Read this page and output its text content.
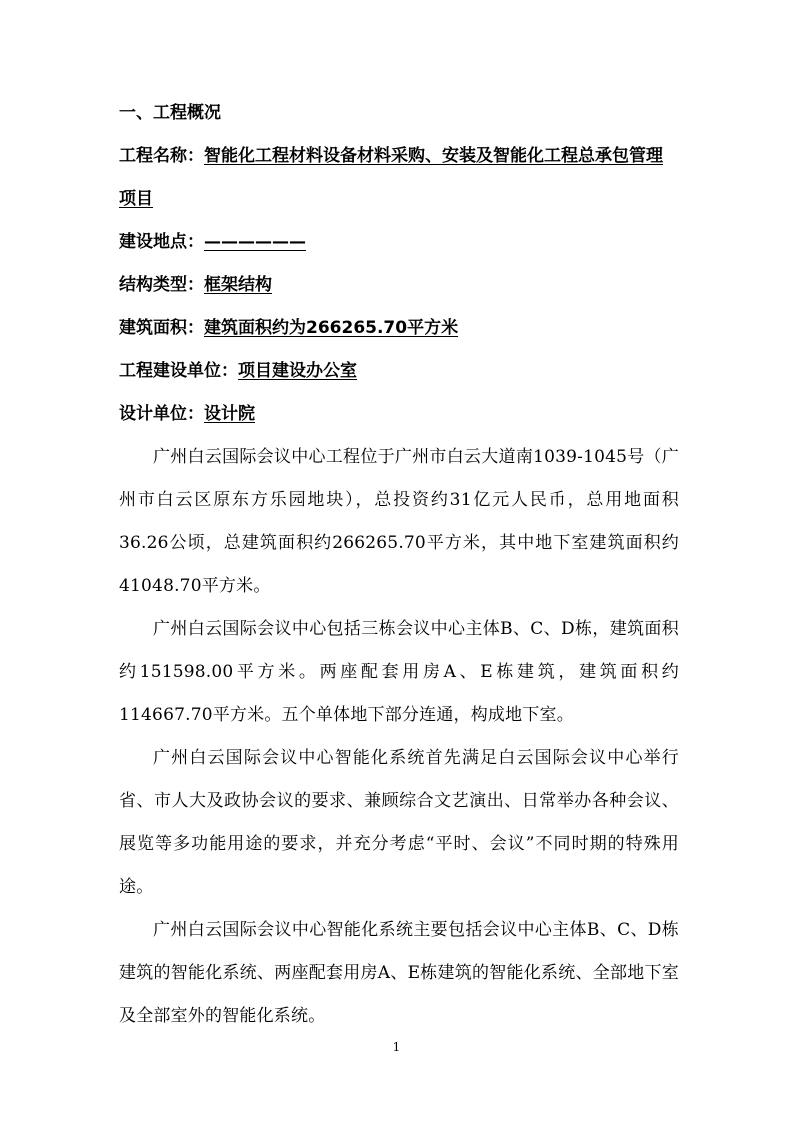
一、工程概况

工程名称：智能化工程材料设备材料采购、安装及智能化工程总承包管理项目

建设地点：——————

结构类型：框架结构

建筑面积：建筑面积约为266265.70平方米

工程建设单位：项目建设办公室

设计单位：设计院

广州白云国际会议中心工程位于广州市白云大道南1039-1045号（广州市白云区原东方乐园地块），总投资约31亿元人民币，总用地面积36.26公顷，总建筑面积约266265.70平方米，其中地下室建筑面积约41048.70平方米。

广州白云国际会议中心包括三栋会议中心主体B、C、D栋，建筑面积约151598.00平方米。两座配套用房A、E栋建筑，建筑面积约114667.70平方米。五个单体地下部分连通，构成地下室。

广州白云国际会议中心智能化系统首先满足白云国际会议中心举行省、市人大及政协会议的要求、兼顾综合文艺演出、日常举办各种会议、展览等多功能用途的要求，并充分考虑“平时、会议”不同时期的特殊用途。

广州白云国际会议中心智能化系统主要包括会议中心主体B、C、D栋建筑的智能化系统、两座配套用房A、E栋建筑的智能化系统、全部地下室及全部室外的智能化系统。

1
